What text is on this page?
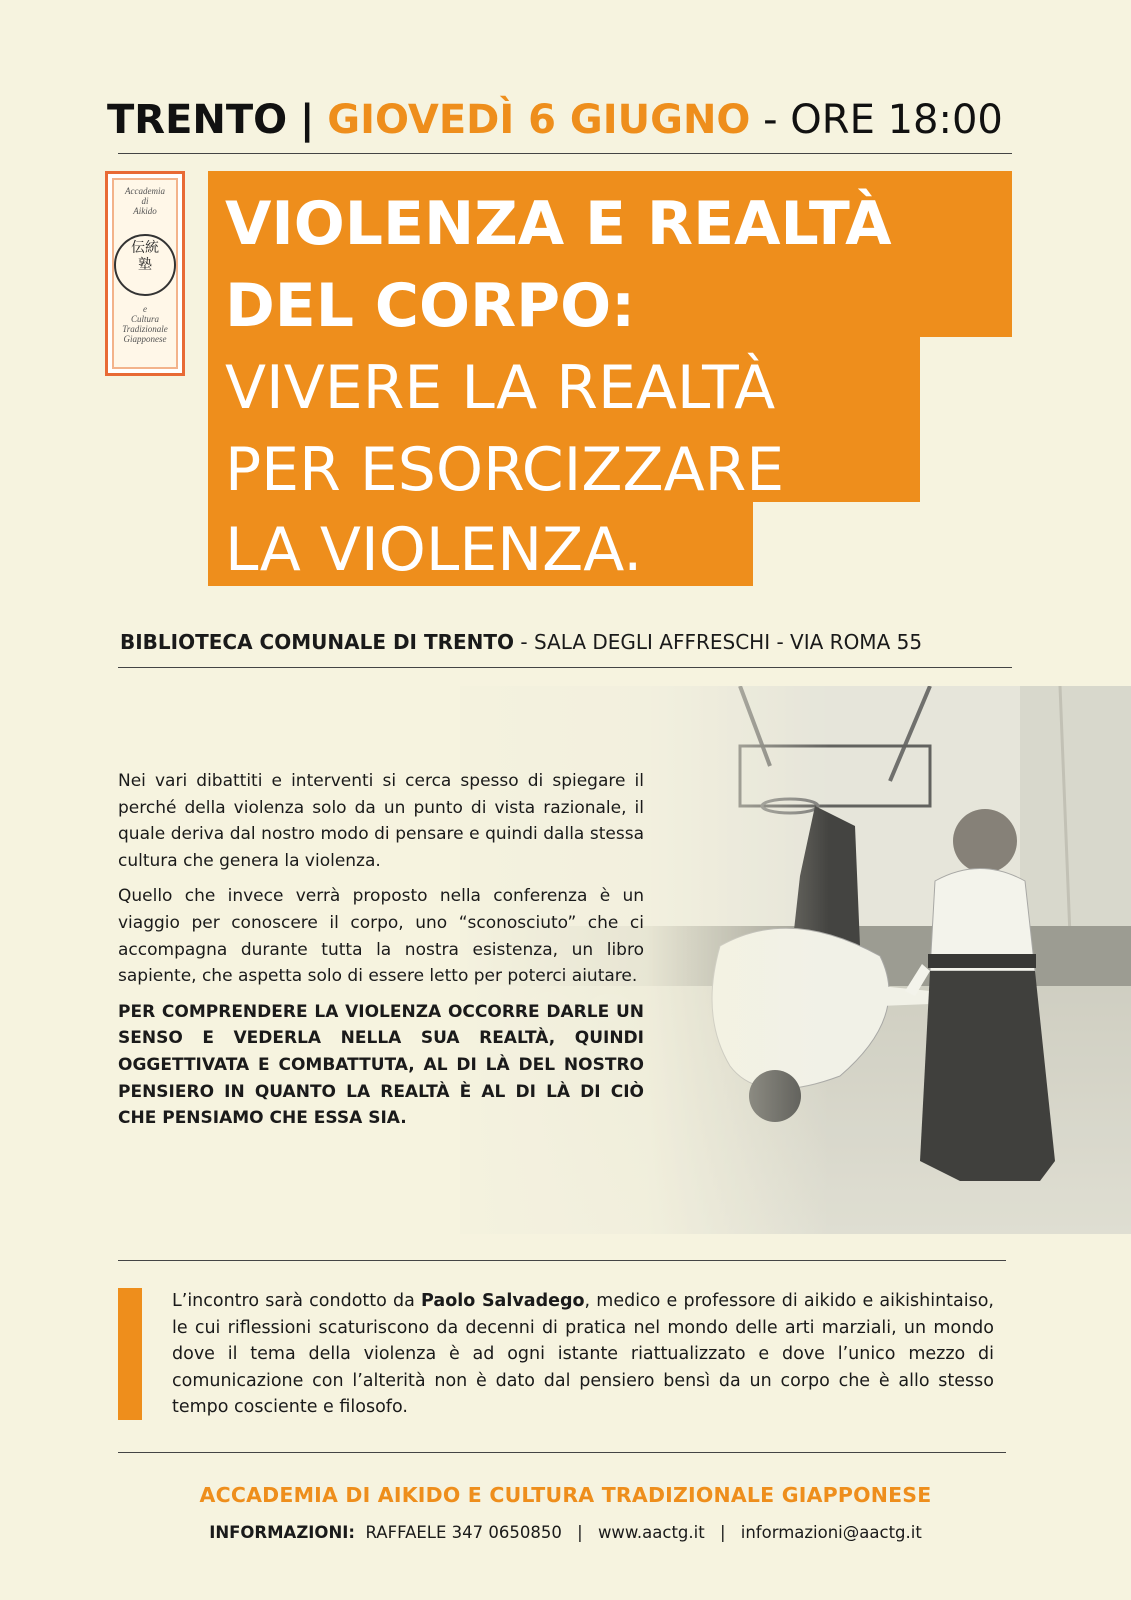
TRENTO | GIOVEDÌ 6 GIUGNO - ORE 18:00
Accademia
di
Aikido
伝統
塾
e
Cultura
Tradizionale
Giapponese
VIOLENZA E REALTÀ
DEL CORPO:
VIVERE LA REALTÀ
PER ESORCIZZARE
LA VIOLENZA.
BIBLIOTECA COMUNALE DI TRENTO - SALA DEGLI AFFRESCHI - VIA ROMA 55

Nei vari dibattiti e interventi si cerca spesso di spiegare il perché della violenza solo da un punto di vista razionale, il quale deriva dal nostro modo di pensare e quindi dalla stessa cultura che genera la violenza.

Quello che invece verrà proposto nella conferenza è un viaggio per conoscere il corpo, uno “sconosciuto” che ci accompagna durante tutta la nostra esistenza, un libro sapiente, che aspetta solo di essere letto per poterci aiutare.

PER COMPRENDERE LA VIOLENZA OCCORRE DARLE UN SENSO E VEDERLA NELLA SUA REALTÀ, QUINDI OGGETTIVATA E COMBATTUTA, AL DI LÀ DEL NOSTRO PENSIERO IN QUANTO LA REALTÀ È AL DI LÀ DI CIÒ CHE PENSIAMO CHE ESSA SIA.

L’incontro sarà condotto da Paolo Salvadego, medico e professore di aikido e aikishintaiso, le cui riflessioni scaturiscono da decenni di pratica nel mondo delle arti marziali, un mondo dove il tema della violenza è ad ogni istante riattualizzato e dove l’unico mezzo di comunicazione con l’alterità non è dato dal pensiero bensì da un corpo che è allo stesso tempo cosciente e filosofo.
ACCADEMIA DI AIKIDO E CULTURA TRADIZIONALE GIAPPONESE
INFORMAZIONI: RAFFAELE 347 0650850 | www.aactg.it | informazioni@aactg.it
